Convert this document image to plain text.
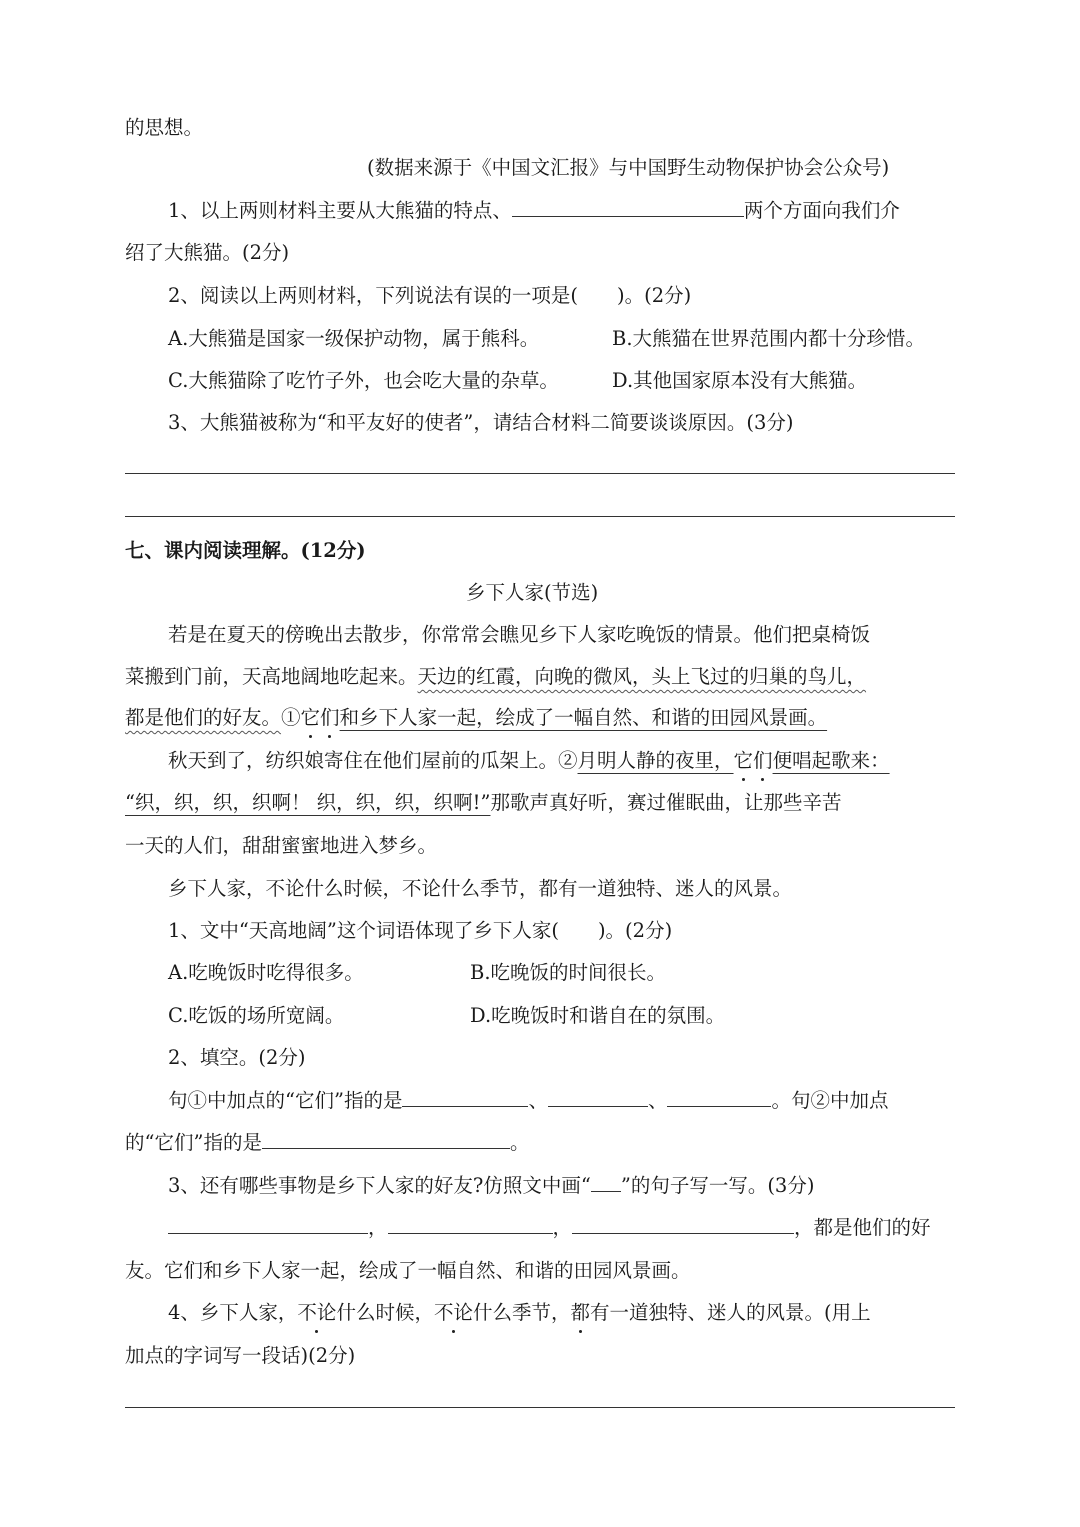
的思想。
(数据来源于《中国文汇报》与中国野生动物保护协会公众号)
1、以上两则材料主要从大熊猫的特点、	两个方面向我们介
绍了大熊猫。(2分)
2、阅读以上两则材料，下列说法有误的一项是(　　)。(2分)
A.大熊猫是国家一级保护动物，属于熊科。	B.大熊猫在世界范围内都十分珍惜。
C.大熊猫除了吃竹子外，也会吃大量的杂草。	D.其他国家原本没有大熊猫。
3、大熊猫被称为“和平友好的使者”，请结合材料二简要谈谈原因。(3分)
七、课内阅读理解。(12分)
乡下人家(节选)
若是在夏天的傍晚出去散步，你常常会瞧见乡下人家吃晚饭的情景。他们把桌椅饭
菜搬到门前，天高地阔地吃起来。天边的红霞，向晚的微风，头上飞过的归巢的鸟儿，
都是他们的好友。①它们和乡下人家一起，绘成了一幅自然、和谐的田园风景画。
秋天到了，纺织娘寄住在他们屋前的瓜架上。②月明人静的夜里，它们便唱起歌来：
“织，织，织，织啊！ 织，织，织，织啊!”那歌声真好听，赛过催眠曲，让那些辛苦
一天的人们，甜甜蜜蜜地进入梦乡。
乡下人家，不论什么时候，不论什么季节，都有一道独特、迷人的风景。
1、文中“天高地阔”这个词语体现了乡下人家(　　)。(2分)
A.吃晚饭时吃得很多。	B.吃晚饭的时间很长。
C.吃饭的场所宽阔。	D.吃晚饭时和谐自在的氛围。
2、填空。(2分)
句①中加点的“它们”指的是	、	、	。句②中加点
的“它们”指的是	。
3、还有哪些事物是乡下人家的好友?仿照文中画“ ”的句子写一写。(3分)
，	，	，都是他们的好
友。它们和乡下人家一起，绘成了一幅自然、和谐的田园风景画。
4、乡下人家，不论什么时候，不论什么季节，都有一道独特、迷人的风景。(用上
加点的字词写一段话)(2分)
